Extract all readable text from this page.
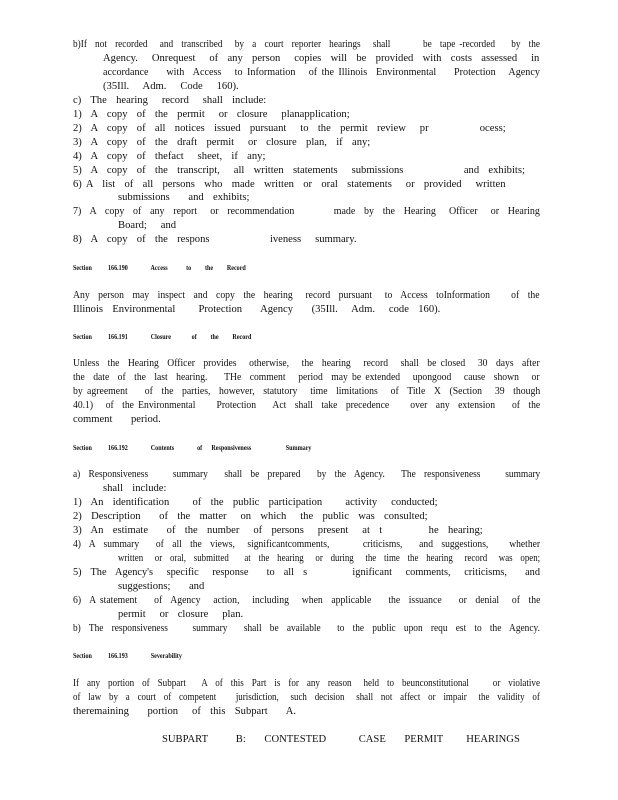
b)If  not  recorded   and  transcribed   by  a  court  reporter  hearings   shall        be  tape -recorded    by  the
Agency.   Onrequest   of  any  person   copies  will  be  provided  with  costs  assessed   in
accordance    with  Access   to Information   of the Illinois  Environmental    Protection   Agency
(35Ill.   Adm.   Code   160).
c)  The  hearing   record   shall  include:
1)  A  copy  of  the  permit   or  closure   planapplication;
2)  A  copy  of  all  notices  issued  pursuant   to  the  permit  review   pr           ocess;
3)  A  copy  of  the  draft  permit   or  closure  plan,  if  any;
4)  A  copy  of  thefact   sheet,  if  any;
5)  A  copy  of  the  transcript,   all  written  statements   submissions             and  exhibits;
6) A  list  of  all  persons  who  made  written  or  oral  statements   or  provided   written
submissions    and  exhibits;
7)  A  copy  of  any  report   or  recommendation         made  by  the  Hearing   Officer   or  Hearing
Board;   and
8)  A  copy  of  the  respons             iveness   summary.
Section       166.190          Access        to      the      Record
Any  person  may  inspect  and  copy  the  hearing   record  pursuant   to  Access  toInformation     of  the
Illinois  Environmental     Protection    Agency    (35Ill.   Adm.   code  160).
Section       166.191          Closure         of      the      Record
Unless  the  Hearing  Officer  provides   otherwise,   the  hearing   record   shall  be closed   30  days  after
the  date  of  the  last  hearing.    THe  comment   period  may be extended   upongood   cause  shown   or
by agreement    of  the  parties,  however,  statutory   time  limitations   of  Title  X  (Section   39  though
40.1)   of  the Environmental     Protection    Act  shall  take  precedence     over  any  extension    of  the
comment    period.
Section       166.192          Contents          of    Responsiveness               Summary
a)  Responsiveness      summary    shall  be  prepared    by  the  Agency.    The  responsiveness      summary
shall  include:
1)  An  identification     of  the  public  participation     activity   conducted;
2)  Description    of  the  matter   on  which   the  public  was  consulted;
3)  An  estimate    of  the  number   of  persons   present   at  t          he  hearing;
4)  A  summary    of  all  the  views,   significantcomments,        criticisms,    and  suggestions,     whether
written   or  oral,  submitted    at  the  hearing   or  during   the  time  the  hearing   record   was  open;
5)  The  Agency's   specific   response    to  all  s          ignificant   comments,   criticisms,    and
suggestions;    and
6)  A statement    of  Agency   action,   including   when  applicable    the  issuance    or  denial   of  the
permit   or  closure   plan.
b)  The  responsiveness      summary    shall  be  available    to  the  public  upon  requ  est  to  the  Agency.
Section       166.193          Severability
If  any  portion  of  Subpart    A  of  this  Part  is  for  any  reason   held  to  beunconstitutional      or  violative
of  law  by  a  court  of  competent     jurisdiction,   such  decision   shall  not  affect  or  impair   the  validity  of
theremaining    portion   of  this  Subpart    A.
SUBPART      B:    CONTESTED       CASE    PERMIT     HEARINGS
